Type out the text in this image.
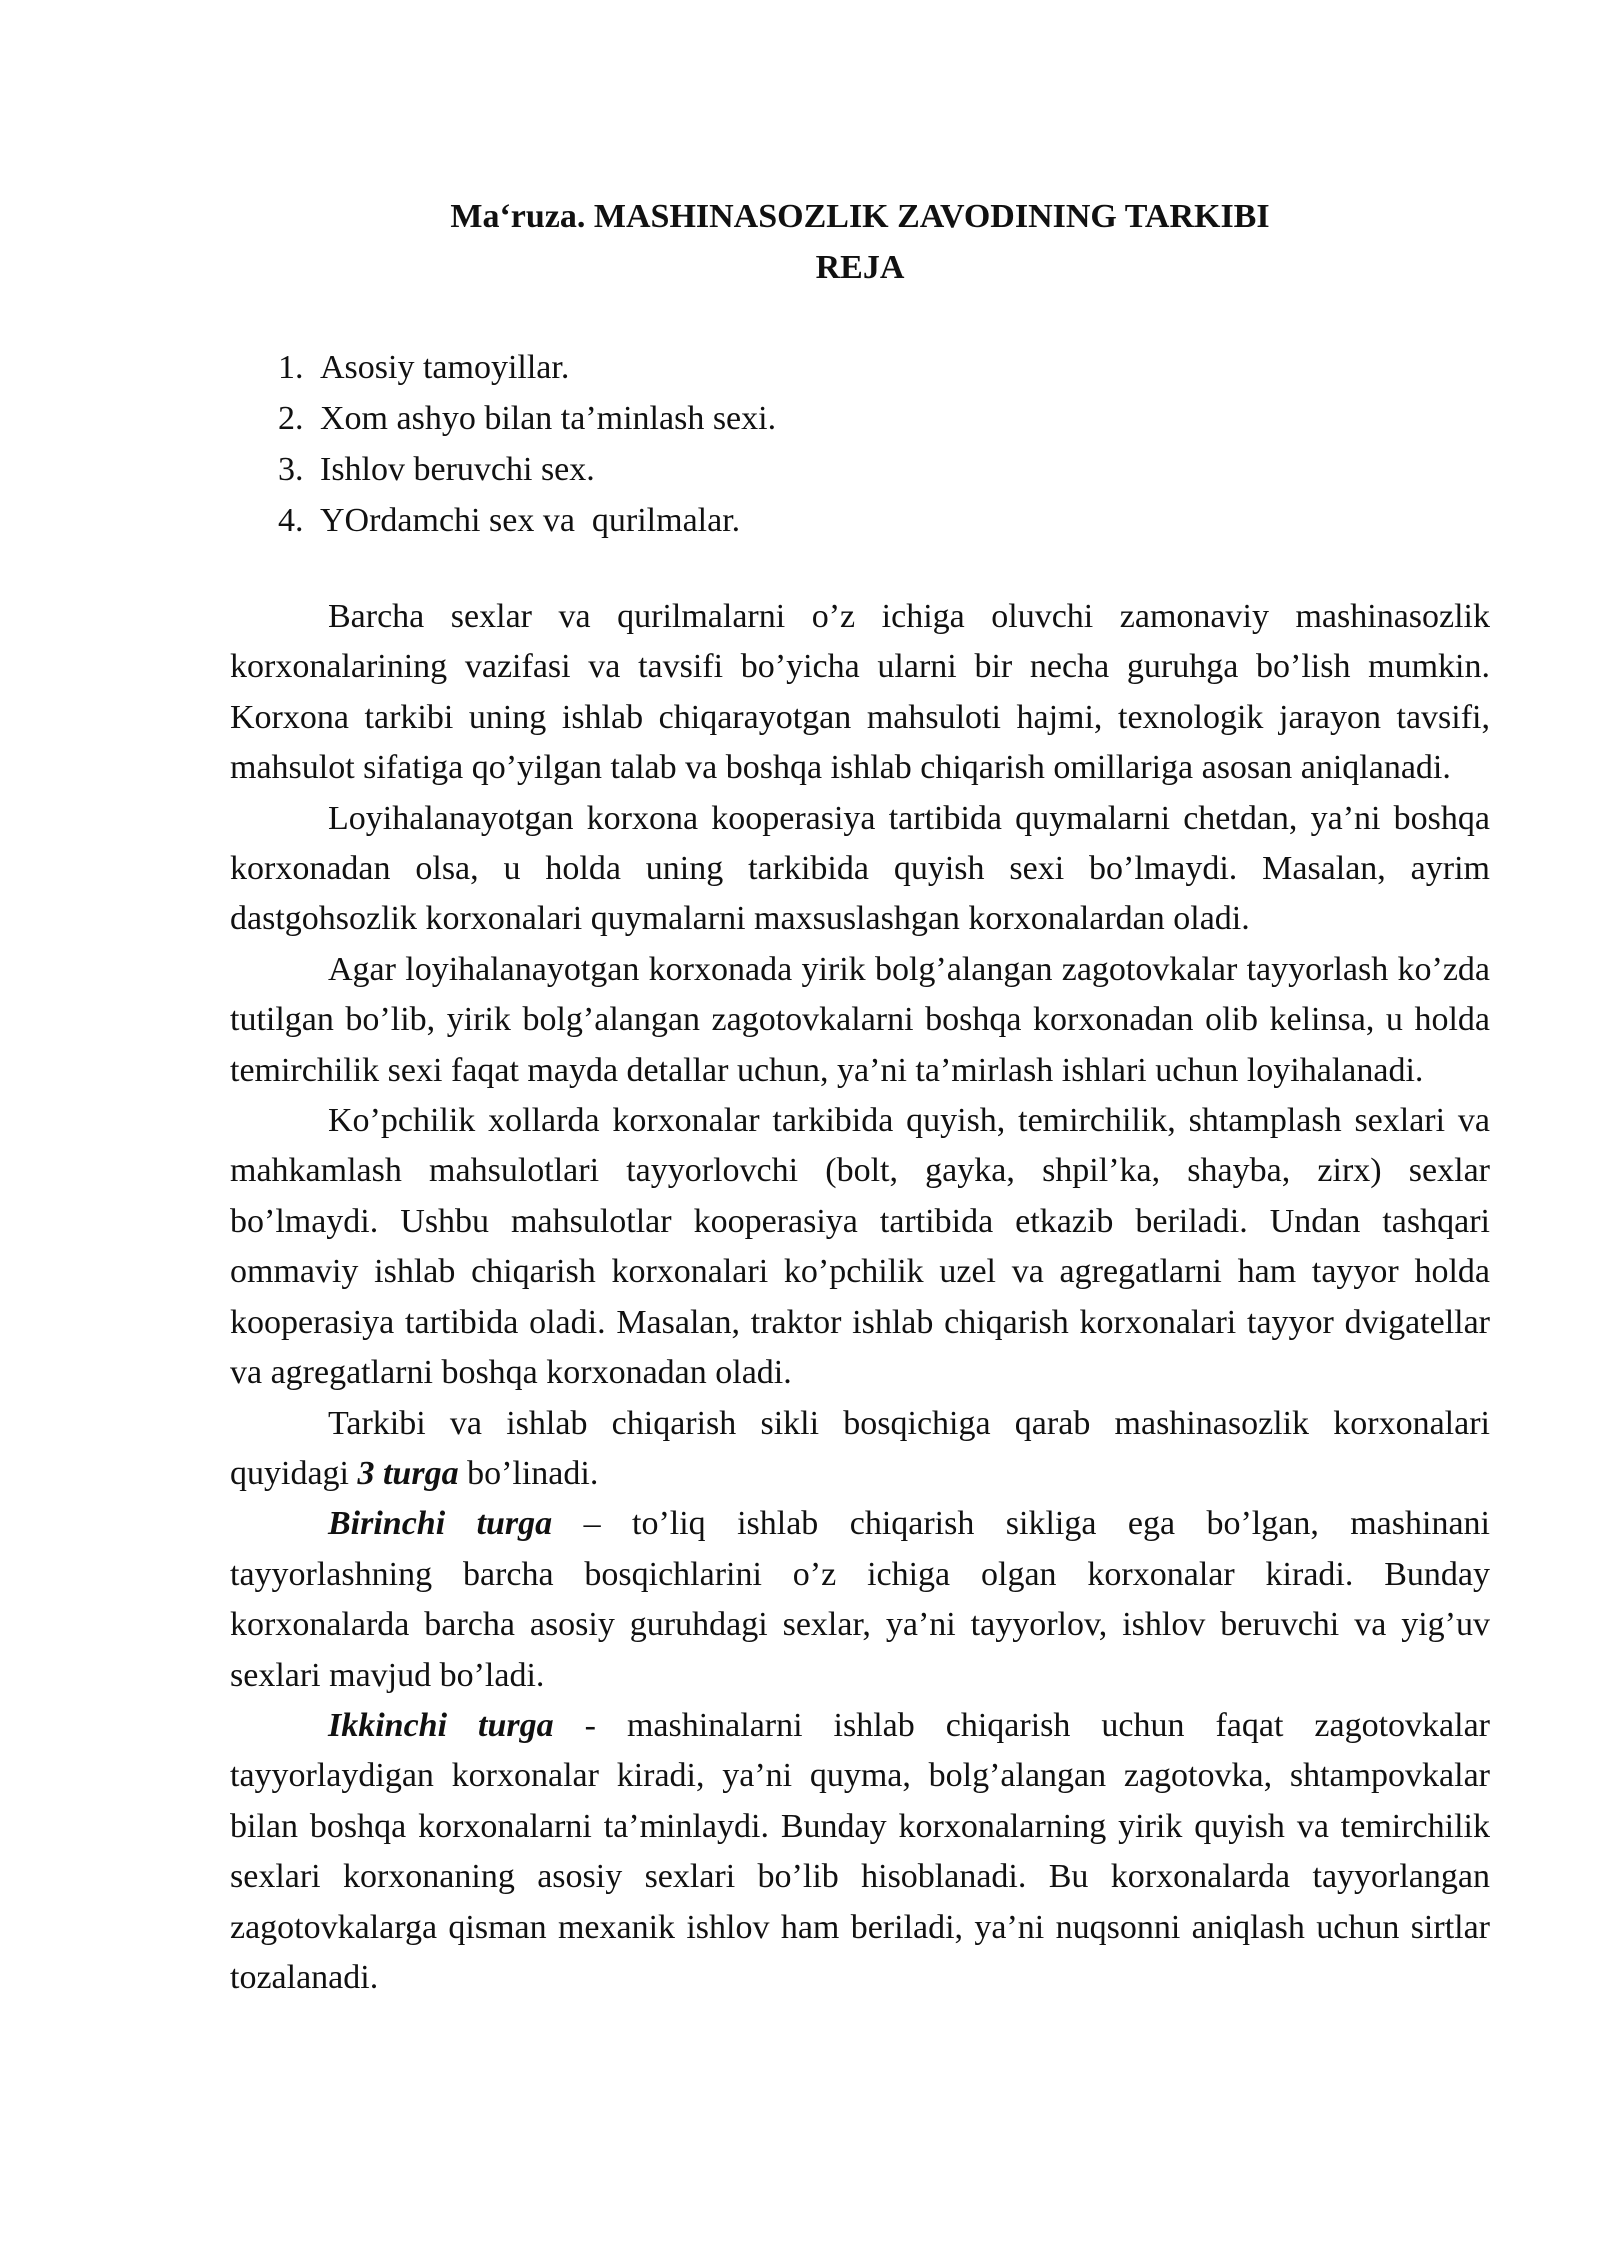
Ma‘ruza. MASHINASOZLIK ZAVODINING TARKIBI
REJA
1. Asosiy tamoyillar.
2. Xom ashyo bilan ta’minlash sexi.
3. Ishlov beruvchi sex.
4. YOrdamchi sex va  qurilmalar.

Barcha sexlar va qurilmalarni o’z ichiga oluvchi zamonaviy mashinasozlik korxonalarining vazifasi va tavsifi bo’yicha ularni bir necha guruhga bo’lish mumkin. Korxona tarkibi uning ishlab chiqarayotgan mahsuloti hajmi, texnologik jarayon tavsifi, mahsulot sifatiga qo’yilgan talab va boshqa ishlab chiqarish omillariga asosan aniqlanadi.

Loyihalanayotgan korxona kooperasiya tartibida quymalarni chetdan, ya’ni boshqa korxonadan olsa, u holda uning tarkibida quyish sexi bo’lmaydi. Masalan, ayrim dastgohsozlik korxonalari quymalarni maxsuslashgan korxonalardan oladi.

Agar loyihalanayotgan korxonada yirik bolg’alangan zagotovkalar tayyorlash ko’zda tutilgan bo’lib, yirik bolg’alangan zagotovkalarni boshqa korxonadan olib kelinsa, u holda temirchilik sexi faqat mayda detallar uchun, ya’ni ta’mirlash ishlari uchun loyihalanadi.

Ko’pchilik xollarda korxonalar tarkibida quyish, temirchilik, shtamplash sexlari va mahkamlash mahsulotlari tayyorlovchi (bolt, gayka, shpil’ka, shayba, zirx) sexlar bo’lmaydi. Ushbu mahsulotlar kooperasiya tartibida etkazib beriladi. Undan tashqari ommaviy ishlab chiqarish korxonalari ko’pchilik uzel va agregatlarni ham tayyor holda kooperasiya tartibida oladi. Masalan, traktor ishlab chiqarish korxonalari tayyor dvigatellar va agregatlarni boshqa korxonadan oladi.

Tarkibi va ishlab chiqarish sikli bosqichiga qarab mashinasozlik korxonalari quyidagi 3 turga bo’linadi.

Birinchi turga – to’liq ishlab chiqarish sikliga ega bo’lgan, mashinani tayyorlashning barcha bosqichlarini o’z ichiga olgan korxonalar kiradi. Bunday korxonalarda barcha asosiy guruhdagi sexlar, ya’ni tayyorlov, ishlov beruvchi va yig’uv sexlari mavjud bo’ladi.

Ikkinchi turga - mashinalarni ishlab chiqarish uchun faqat zagotovkalar tayyorlaydigan korxonalar kiradi, ya’ni quyma, bolg’alangan zagotovka, shtampovkalar bilan boshqa korxonalarni ta’minlaydi. Bunday korxonalarning yirik quyish va temirchilik sexlari korxonaning asosiy sexlari bo’lib hisoblanadi. Bu korxonalarda tayyorlangan zagotovkalarga qisman mexanik ishlov ham beriladi, ya’ni nuqsonni aniqlash uchun sirtlar tozalanadi.
